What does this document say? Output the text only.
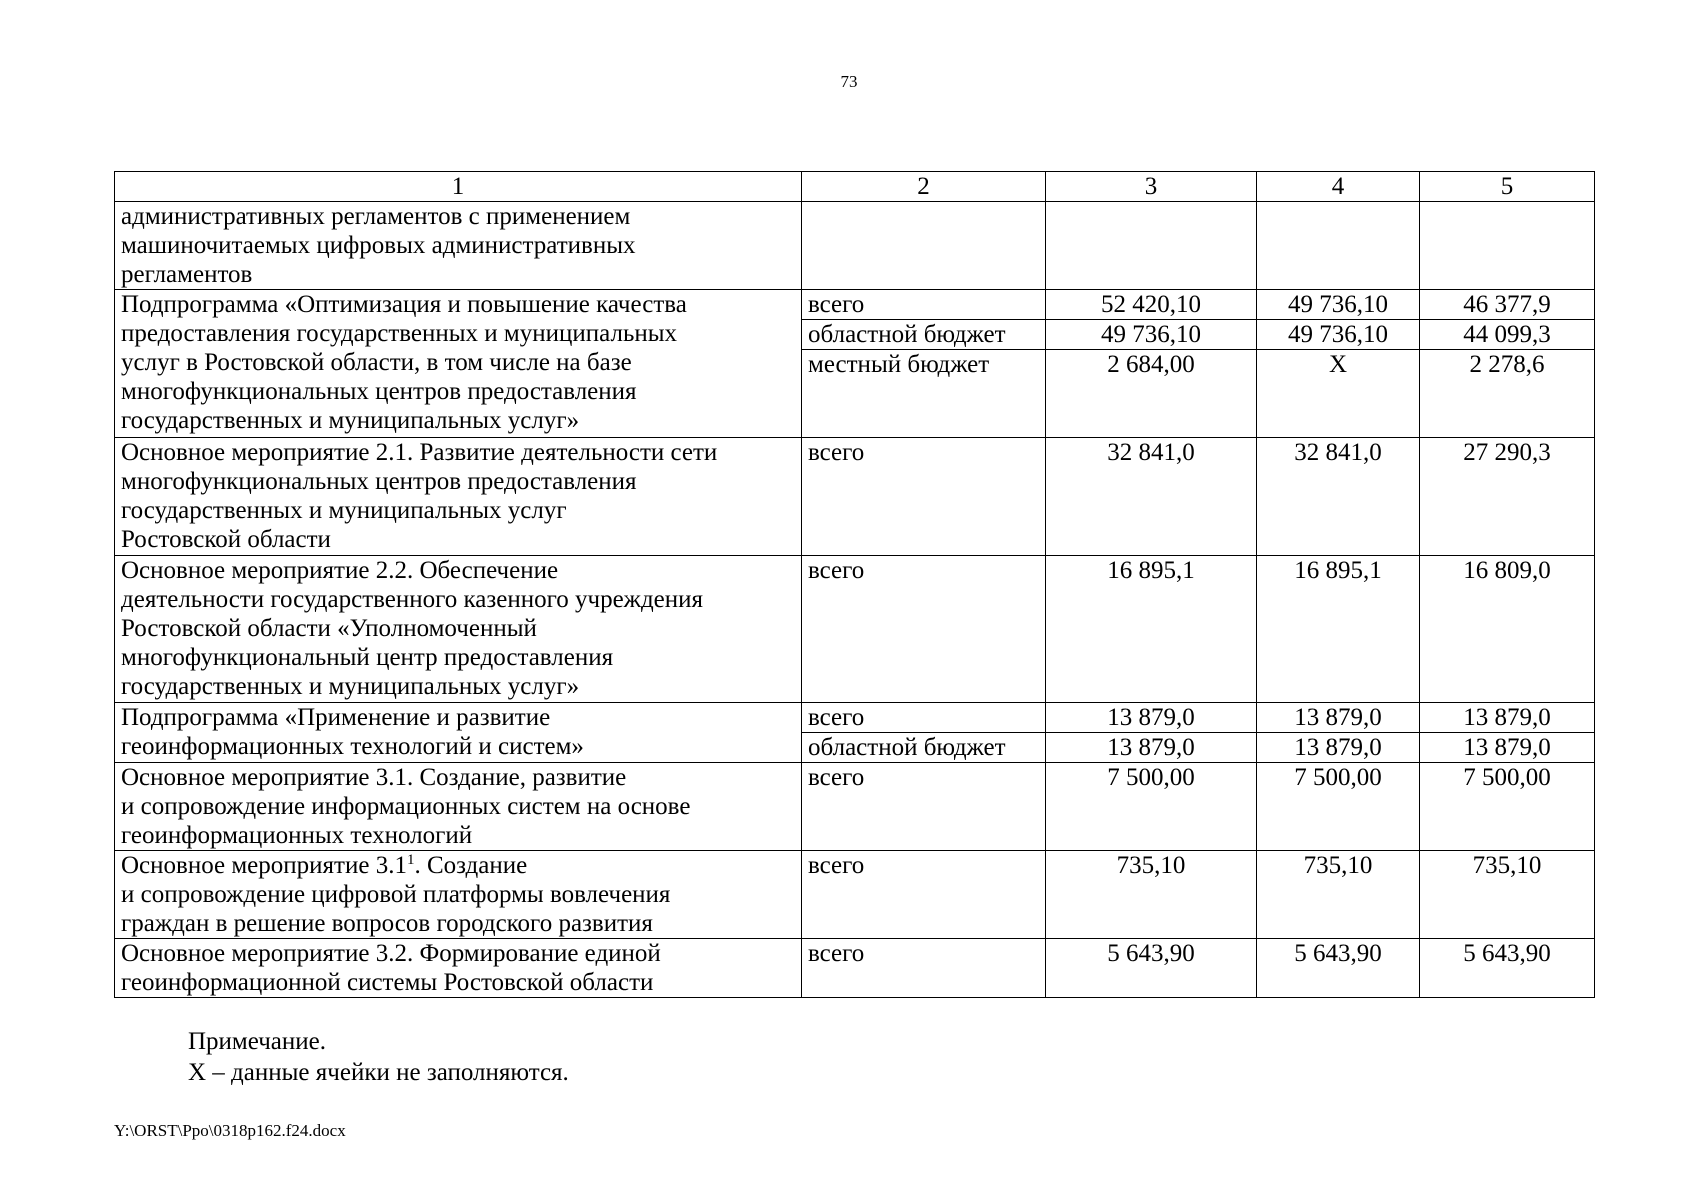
73
1	2	3	4	5

административных регламентов с применением
машиночитаемых цифровых административных
регламентов				

Подпрограмма «Оптимизация и повышение качества
предоставления государственных и муниципальных
услуг в Ростовской области, в том числе на базе
многофункциональных центров предоставления
государственных и муниципальных услуг»	всего	52 420,10	49 736,10	46 377,9
	областной бюджет	49 736,10	49 736,10	44 099,3
	местный бюджет	2 684,00	Х	2 278,6

Основное мероприятие 2.1. Развитие деятельности сети
многофункциональных центров предоставления
государственных и муниципальных услуг
Ростовской области	всего	32 841,0	32 841,0	27 290,3

Основное мероприятие 2.2. Обеспечение
деятельности государственного казенного учреждения
Ростовской области «Уполномоченный
многофункциональный центр предоставления
государственных и муниципальных услуг»	всего	16 895,1	16 895,1	16 809,0

Подпрограмма «Применение и развитие
геоинформационных технологий и систем»	всего	13 879,0	13 879,0	13 879,0
	областной бюджет	13 879,0	13 879,0	13 879,0

Основное мероприятие 3.1. Создание, развитие
и сопровождение информационных систем на основе
геоинформационных технологий	всего	7 500,00	7 500,00	7 500,00

Основное мероприятие $3.1^1$. Создание
и сопровождение цифровой платформы вовлечения
граждан в решение вопросов городского развития	всего	735,10	735,10	735,10

Основное мероприятие 3.2. Формирование единой
геоинформационной системы Ростовской области	всего	5 643,90	5 643,90	5 643,90
Примечание.
Х – данные ячейки не заполняются.
Y:\ORST\Ppo\0318p162.f24.docx
